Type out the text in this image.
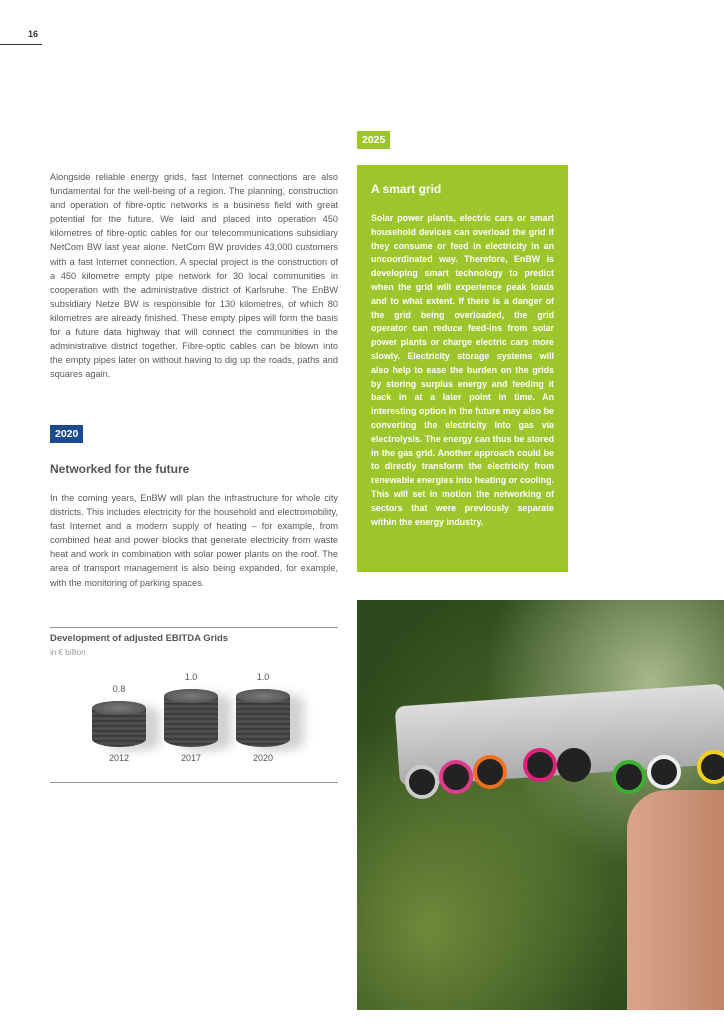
16
Alongside reliable energy grids, fast Internet connections are also fundamental for the well-being of a region. The planning, construction and operation of fibre-optic networks is a business field with great potential for the future. We laid and placed into operation 450 kilometres of fibre-optic cables for our telecommunications subsidiary NetCom BW last year alone. NetCom BW provides 43,000 customers with a fast Internet connection. A special project is the construction of a 450 kilometre empty pipe network for 30 local communities in cooperation with the administrative district of Karlsruhe. The EnBW subsidiary Netze BW is responsible for 130 kilometres, of which 80 kilometres are already finished. These empty pipes will form the basis for a future data highway that will connect the communities in the administrative district together. Fibre-optic cables can be blown into the empty pipes later on without having to dig up the roads, paths and squares again.
2020
Networked for the future
In the coming years, EnBW will plan the infrastructure for whole city districts. This includes electricity for the household and electromobility, fast Internet and a modern supply of heating – for example, from combined heat and power blocks that generate electricity from waste heat and work in combination with solar power plants on the roof. The area of transport management is also being expanded, for example, with the monitoring of parking spaces.
2025
A smart grid
Solar power plants, electric cars or smart household devices can overload the grid if they consume or feed in electricity in an uncoordinated way. Therefore, EnBW is developing smart technology to predict when the grid will experience peak loads and to what extent. If there is a danger of the grid being overloaded, the grid operator can reduce feed-ins from solar power plants or charge electric cars more slowly. Electricity storage systems will also help to ease the burden on the grids by storing surplus energy and feeding it back in at a later point in time. An interesting option in the future may also be converting the electricity into gas via electrolysis. The energy can thus be stored in the gas grid. Another approach could be to directly transform the electricity from renewable energies into heating or cooling. This will set in motion the networking of sectors that were previously separate within the energy industry.
Development of adjusted EBITDA Grids
in € billion
0.8
2012
1.0
2017
1.0
2020
